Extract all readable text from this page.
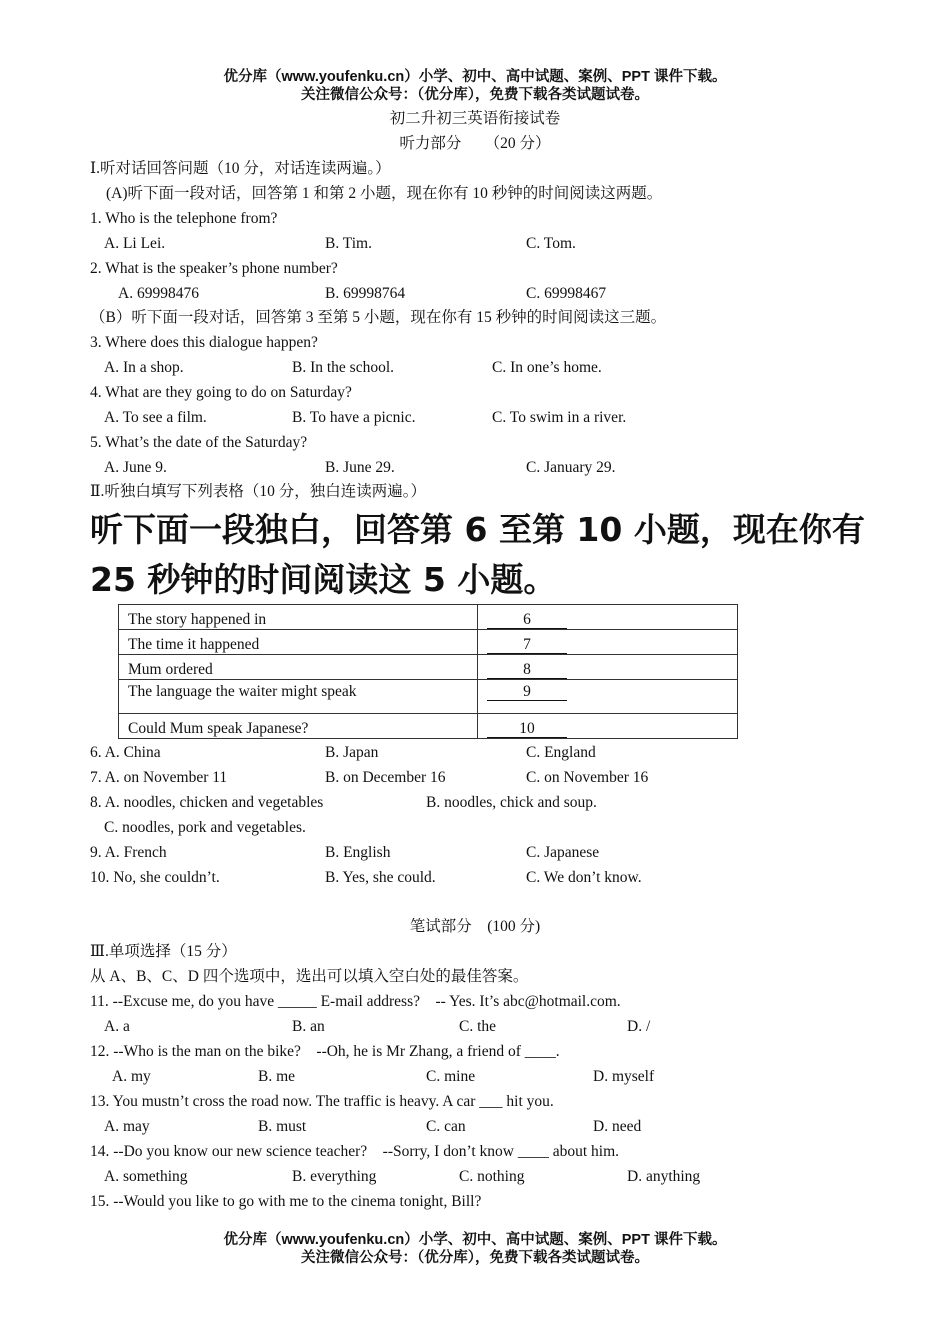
优分库（www.youfenku.cn）小学、初中、高中试题、案例、PPT 课件下载。
关注微信公众号：（优分库），免费下载各类试题试卷。
初二升初三英语衔接试卷
听力部分　　（20 分）
Ⅰ.听对话回答问题（10 分，对话连读两遍。）
(A)听下面一段对话，回答第 1 和第 2 小题，现在你有 10 秒钟的时间阅读这两题。
1. Who is the telephone from?
A. Li Lei.	B. Tim.	C. Tom.
2. What is the speaker’s phone number?
A. 69998476	B. 69998764	C. 69998467
（B）听下面一段对话，回答第 3 至第 5 小题，现在你有 15 秒钟的时间阅读这三题。
3. Where does this dialogue happen?
A. In a shop.	B. In the school.	C. In one’s home.
4. What are they going to do on Saturday?
A. To see a film.	B. To have a picnic.	C. To swim in a river.
5. What’s the date of the Saturday?
A. June 9.	B. June 29.	C. January 29.
Ⅱ.听独白填写下列表格（10 分，独白连读两遍。）
听下面一段独白，回答第 6 至第 10 小题，现在你有 25 秒钟的时间阅读这 5 小题。
The story happened in	6
The time it happened	7
Mum ordered	8
The language the waiter might speak	9
Could Mum speak Japanese?	10
6. A. China	B. Japan	C. England
7. A. on November 11	B. on December 16	C. on November 16
8. A. noodles, chicken and vegetables	B. noodles, chick and soup.
C. noodles, pork and vegetables.
9. A. French	B. English	C. Japanese
10. No, she couldn’t.	B. Yes, she could.	C. We don’t know.
笔试部分　(100 分)
Ⅲ.单项选择（15 分）
从 A、B、C、D 四个选项中，选出可以填入空白处的最佳答案。
11. --Excuse me, do you have _____ E-mail address?　-- Yes. It’s abc@hotmail.com.
A. a	B. an	C. the	D. /
12. --Who is the man on the bike?　--Oh, he is Mr Zhang, a friend of ____.
A. my	B. me	C. mine	D. myself
13. You mustn’t cross the road now. The traffic is heavy. A car ___ hit you.
A. may	B. must	C. can	D. need
14. --Do you know our new science teacher?　--Sorry, I don’t know ____ about him.
A. something	B. everything	C. nothing	D. anything
15. --Would you like to go with me to the cinema tonight, Bill?
优分库（www.youfenku.cn）小学、初中、高中试题、案例、PPT 课件下载。
关注微信公众号：（优分库），免费下载各类试题试卷。
